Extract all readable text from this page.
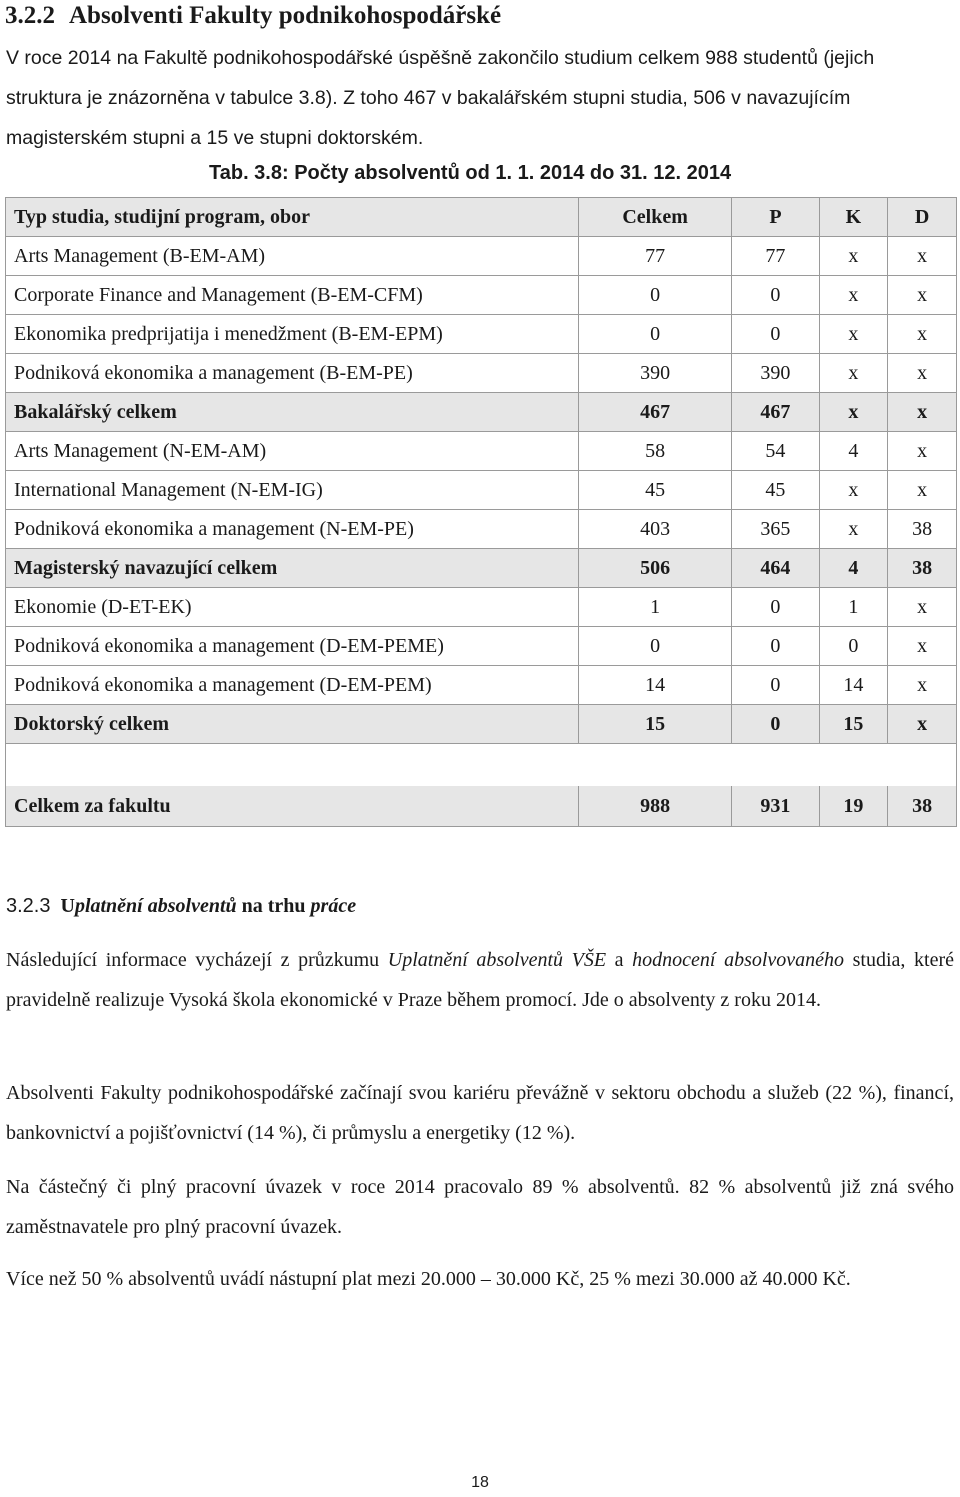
3.2.2 Absolventi Fakulty podnikohospodářské
V roce 2014 na Fakultě podnikohospodářské úspěšně zakončilo studium celkem 988 studentů (jejich struktura je znázorněna v tabulce 3.8). Z toho 467 v bakalářském stupni studia, 506 v navazujícím magisterském stupni a 15 ve stupni doktorském.
Tab. 3.8: Počty absolventů od 1. 1. 2014 do 31. 12. 2014
Typ studia, studijní program, obor	Celkem	P	K	D
Arts Management (B-EM-AM)	77	77	x	x
Corporate Finance and Management (B-EM-CFM)	0	0	x	x
Ekonomika predprijatija i menedžment (B-EM-EPM)	0	0	x	x
Podniková ekonomika a management (B-EM-PE)	390	390	x	x
Bakalářský celkem	467	467	x	x
Arts Management (N-EM-AM)	58	54	4	x
International Management (N-EM-IG)	45	45	x	x
Podniková ekonomika a management (N-EM-PE)	403	365	x	38
Magisterský navazující celkem	506	464	4	38
Ekonomie (D-ET-EK)	1	0	1	x
Podniková ekonomika a management (D-EM-PEME)	0	0	0	x
Podniková ekonomika a management (D-EM-PEM)	14	0	14	x
Doktorský celkem	15	0	15	x

Celkem za fakultu	988	931	19	38
3.2.3 Uplatnění absolventů na trhu práce
Následující informace vycházejí z průzkumu Uplatnění absolventů VŠE a hodnocení absolvovaného studia, které pravidelně realizuje Vysoká škola ekonomické v Praze během promocí. Jde o absolventy z roku 2014.
Absolventi Fakulty podnikohospodářské začínají svou kariéru převážně v sektoru obchodu a služeb (22 %), financí, bankovnictví a pojišťovnictví (14 %), či průmyslu a energetiky (12 %).
Na částečný či plný pracovní úvazek v roce 2014 pracovalo 89 % absolventů. 82 % absolventů již zná svého zaměstnavatele pro plný pracovní úvazek.
Více než 50 % absolventů uvádí nástupní plat mezi 20.000 – 30.000 Kč, 25 % mezi 30.000 až 40.000 Kč.
18
